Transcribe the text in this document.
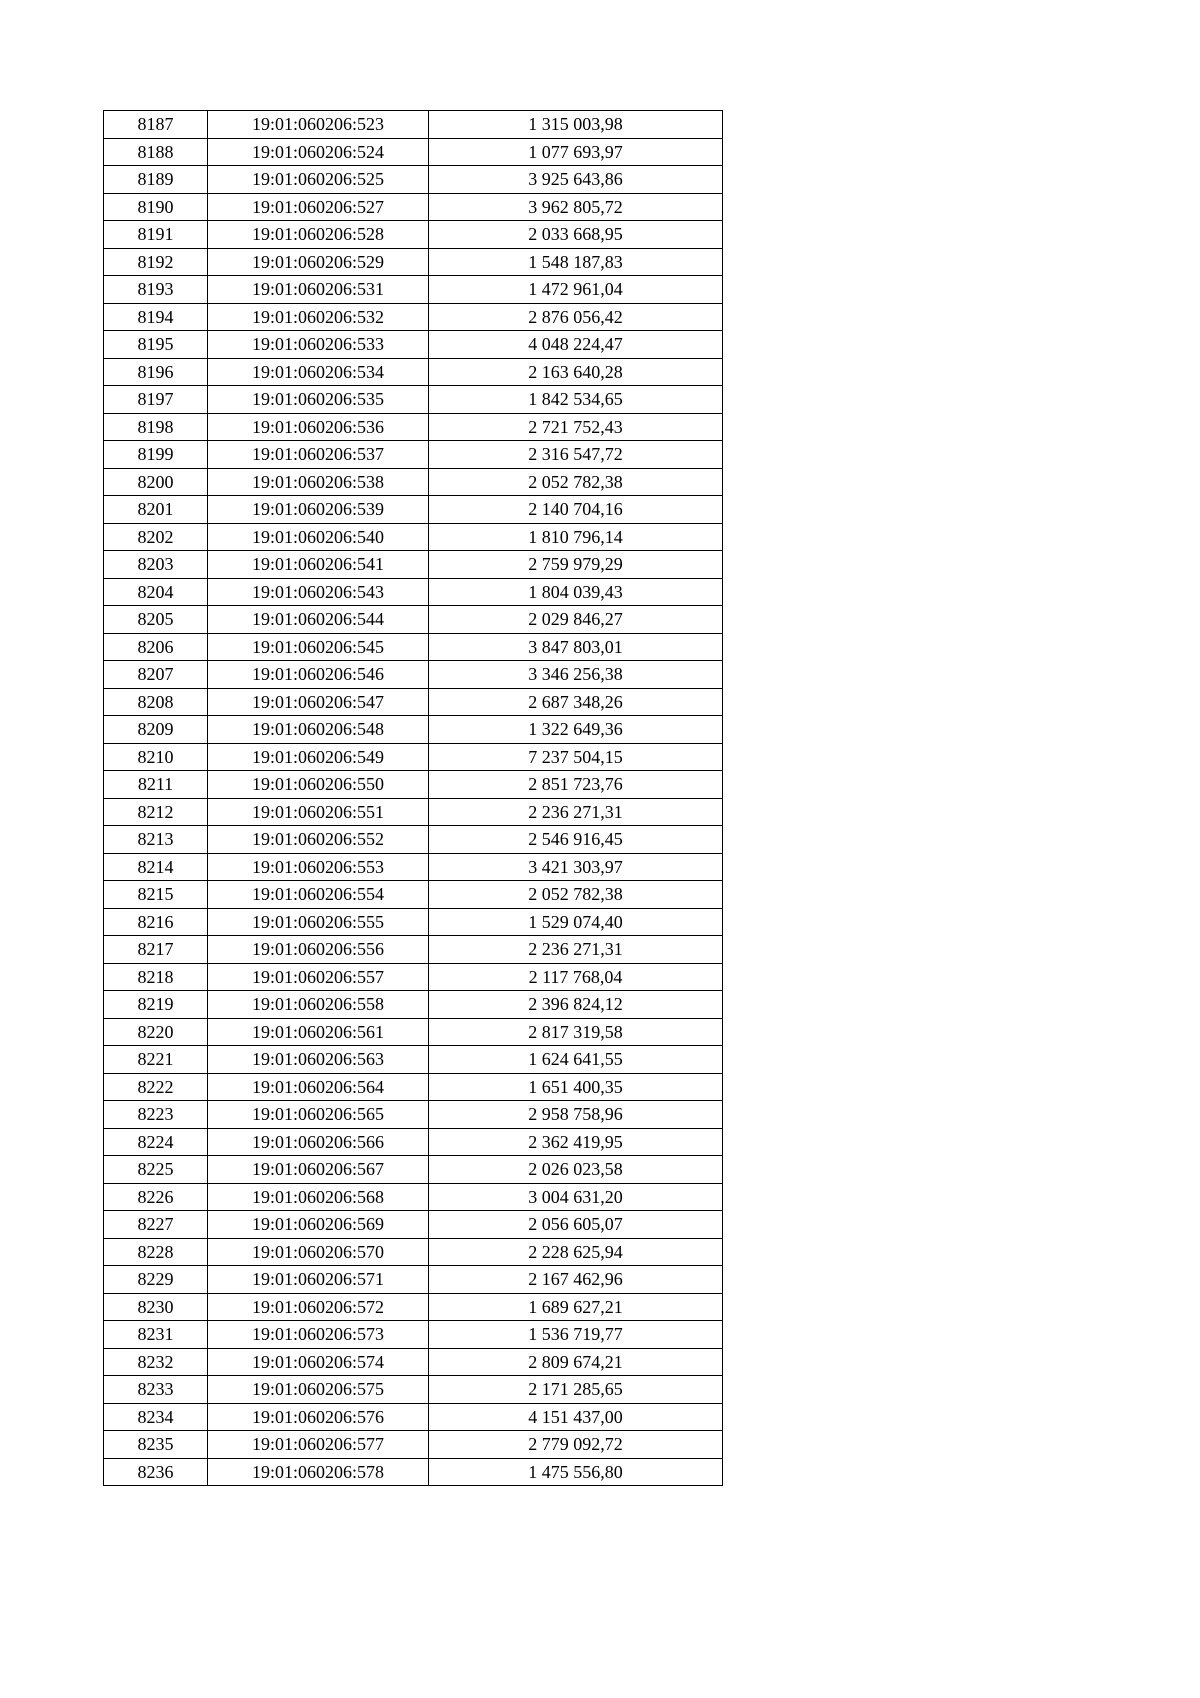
8187	19:01:060206:523	1 315 003,98
8188	19:01:060206:524	1 077 693,97
8189	19:01:060206:525	3 925 643,86
8190	19:01:060206:527	3 962 805,72
8191	19:01:060206:528	2 033 668,95
8192	19:01:060206:529	1 548 187,83
8193	19:01:060206:531	1 472 961,04
8194	19:01:060206:532	2 876 056,42
8195	19:01:060206:533	4 048 224,47
8196	19:01:060206:534	2 163 640,28
8197	19:01:060206:535	1 842 534,65
8198	19:01:060206:536	2 721 752,43
8199	19:01:060206:537	2 316 547,72
8200	19:01:060206:538	2 052 782,38
8201	19:01:060206:539	2 140 704,16
8202	19:01:060206:540	1 810 796,14
8203	19:01:060206:541	2 759 979,29
8204	19:01:060206:543	1 804 039,43
8205	19:01:060206:544	2 029 846,27
8206	19:01:060206:545	3 847 803,01
8207	19:01:060206:546	3 346 256,38
8208	19:01:060206:547	2 687 348,26
8209	19:01:060206:548	1 322 649,36
8210	19:01:060206:549	7 237 504,15
8211	19:01:060206:550	2 851 723,76
8212	19:01:060206:551	2 236 271,31
8213	19:01:060206:552	2 546 916,45
8214	19:01:060206:553	3 421 303,97
8215	19:01:060206:554	2 052 782,38
8216	19:01:060206:555	1 529 074,40
8217	19:01:060206:556	2 236 271,31
8218	19:01:060206:557	2 117 768,04
8219	19:01:060206:558	2 396 824,12
8220	19:01:060206:561	2 817 319,58
8221	19:01:060206:563	1 624 641,55
8222	19:01:060206:564	1 651 400,35
8223	19:01:060206:565	2 958 758,96
8224	19:01:060206:566	2 362 419,95
8225	19:01:060206:567	2 026 023,58
8226	19:01:060206:568	3 004 631,20
8227	19:01:060206:569	2 056 605,07
8228	19:01:060206:570	2 228 625,94
8229	19:01:060206:571	2 167 462,96
8230	19:01:060206:572	1 689 627,21
8231	19:01:060206:573	1 536 719,77
8232	19:01:060206:574	2 809 674,21
8233	19:01:060206:575	2 171 285,65
8234	19:01:060206:576	4 151 437,00
8235	19:01:060206:577	2 779 092,72
8236	19:01:060206:578	1 475 556,80
